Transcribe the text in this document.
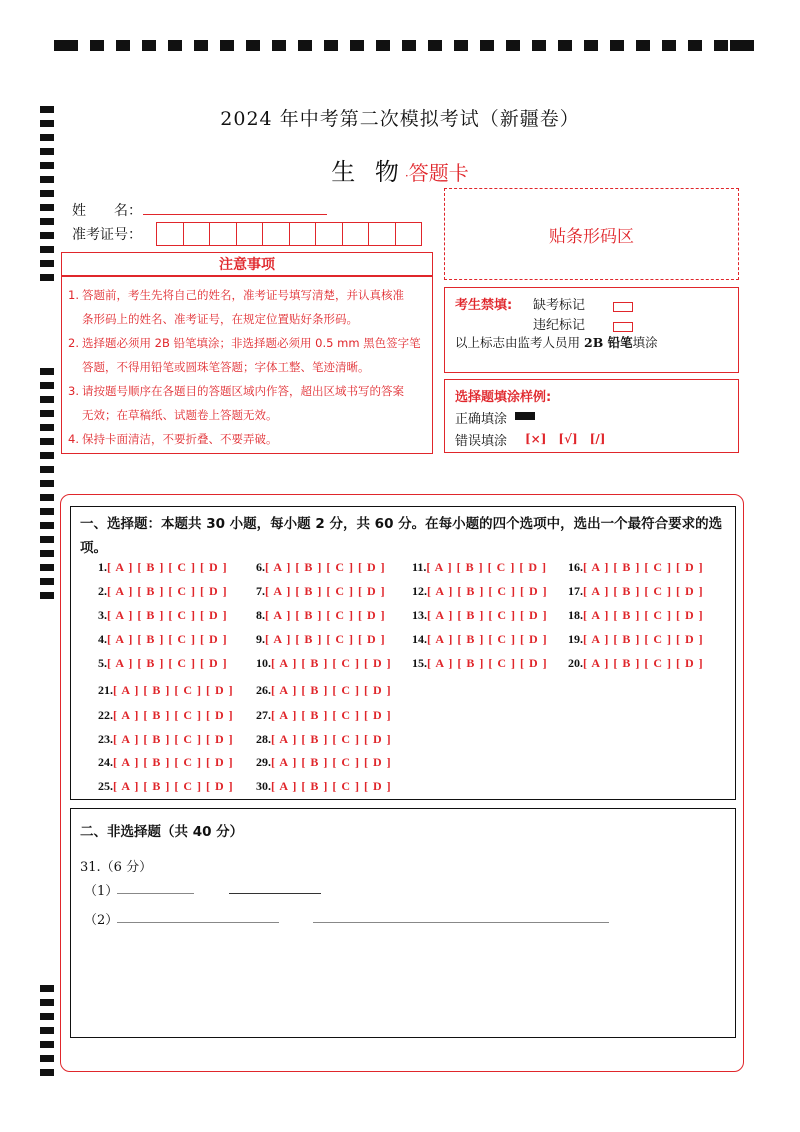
2024 年中考第二次模拟考试（新疆卷）
生 物·答题卡
姓　　名：
准考证号：
注意事项
1. 答题前，考生先将自己的姓名，准考证号填写清楚，并认真核准
条形码上的姓名、准考证号，在规定位置贴好条形码。
2. 选择题必须用 2B 铅笔填涂；非选择题必须用 0.5 mm 黑色签字笔
答题，不得用铅笔或圆珠笔答题；字体工整、笔迹清晰。
3. 请按题号顺序在各题目的答题区域内作答，超出区域书写的答案
无效；在草稿纸、试题卷上答题无效。
4. 保持卡面清洁，不要折叠、不要弄破。
贴条形码区
考生禁填: 缺考标记
违纪标记
以上标志由监考人员用 2B 铅笔填涂
选择题填涂样例:
正确填涂
错误填涂 [×]　[√]　[/]
一、选择题：本题共 30 小题，每小题 2 分，共 60 分。在每小题的四个选项中，选出一个最符合要求的选项。
1.[ A ] [ B ] [ C ] [ D ]
2.[ A ] [ B ] [ C ] [ D ]
3.[ A ] [ B ] [ C ] [ D ]
4.[ A ] [ B ] [ C ] [ D ]
5.[ A ] [ B ] [ C ] [ D ]
6.[ A ] [ B ] [ C ] [ D ]
7.[ A ] [ B ] [ C ] [ D ]
8.[ A ] [ B ] [ C ] [ D ]
9.[ A ] [ B ] [ C ] [ D ]
10.[ A ] [ B ] [ C ] [ D ]
11.[ A ] [ B ] [ C ] [ D ]
12.[ A ] [ B ] [ C ] [ D ]
13.[ A ] [ B ] [ C ] [ D ]
14.[ A ] [ B ] [ C ] [ D ]
15.[ A ] [ B ] [ C ] [ D ]
16.[ A ] [ B ] [ C ] [ D ]
17.[ A ] [ B ] [ C ] [ D ]
18.[ A ] [ B ] [ C ] [ D ]
19.[ A ] [ B ] [ C ] [ D ]
20.[ A ] [ B ] [ C ] [ D ]
21.[ A ] [ B ] [ C ] [ D ]
22.[ A ] [ B ] [ C ] [ D ]
23.[ A ] [ B ] [ C ] [ D ]
24.[ A ] [ B ] [ C ] [ D ]
25.[ A ] [ B ] [ C ] [ D ]
26.[ A ] [ B ] [ C ] [ D ]
27.[ A ] [ B ] [ C ] [ D ]
28.[ A ] [ B ] [ C ] [ D ]
29.[ A ] [ B ] [ C ] [ D ]
30.[ A ] [ B ] [ C ] [ D ]
二、非选择题（共 40 分）
31.（6 分）
（1）
（2）
